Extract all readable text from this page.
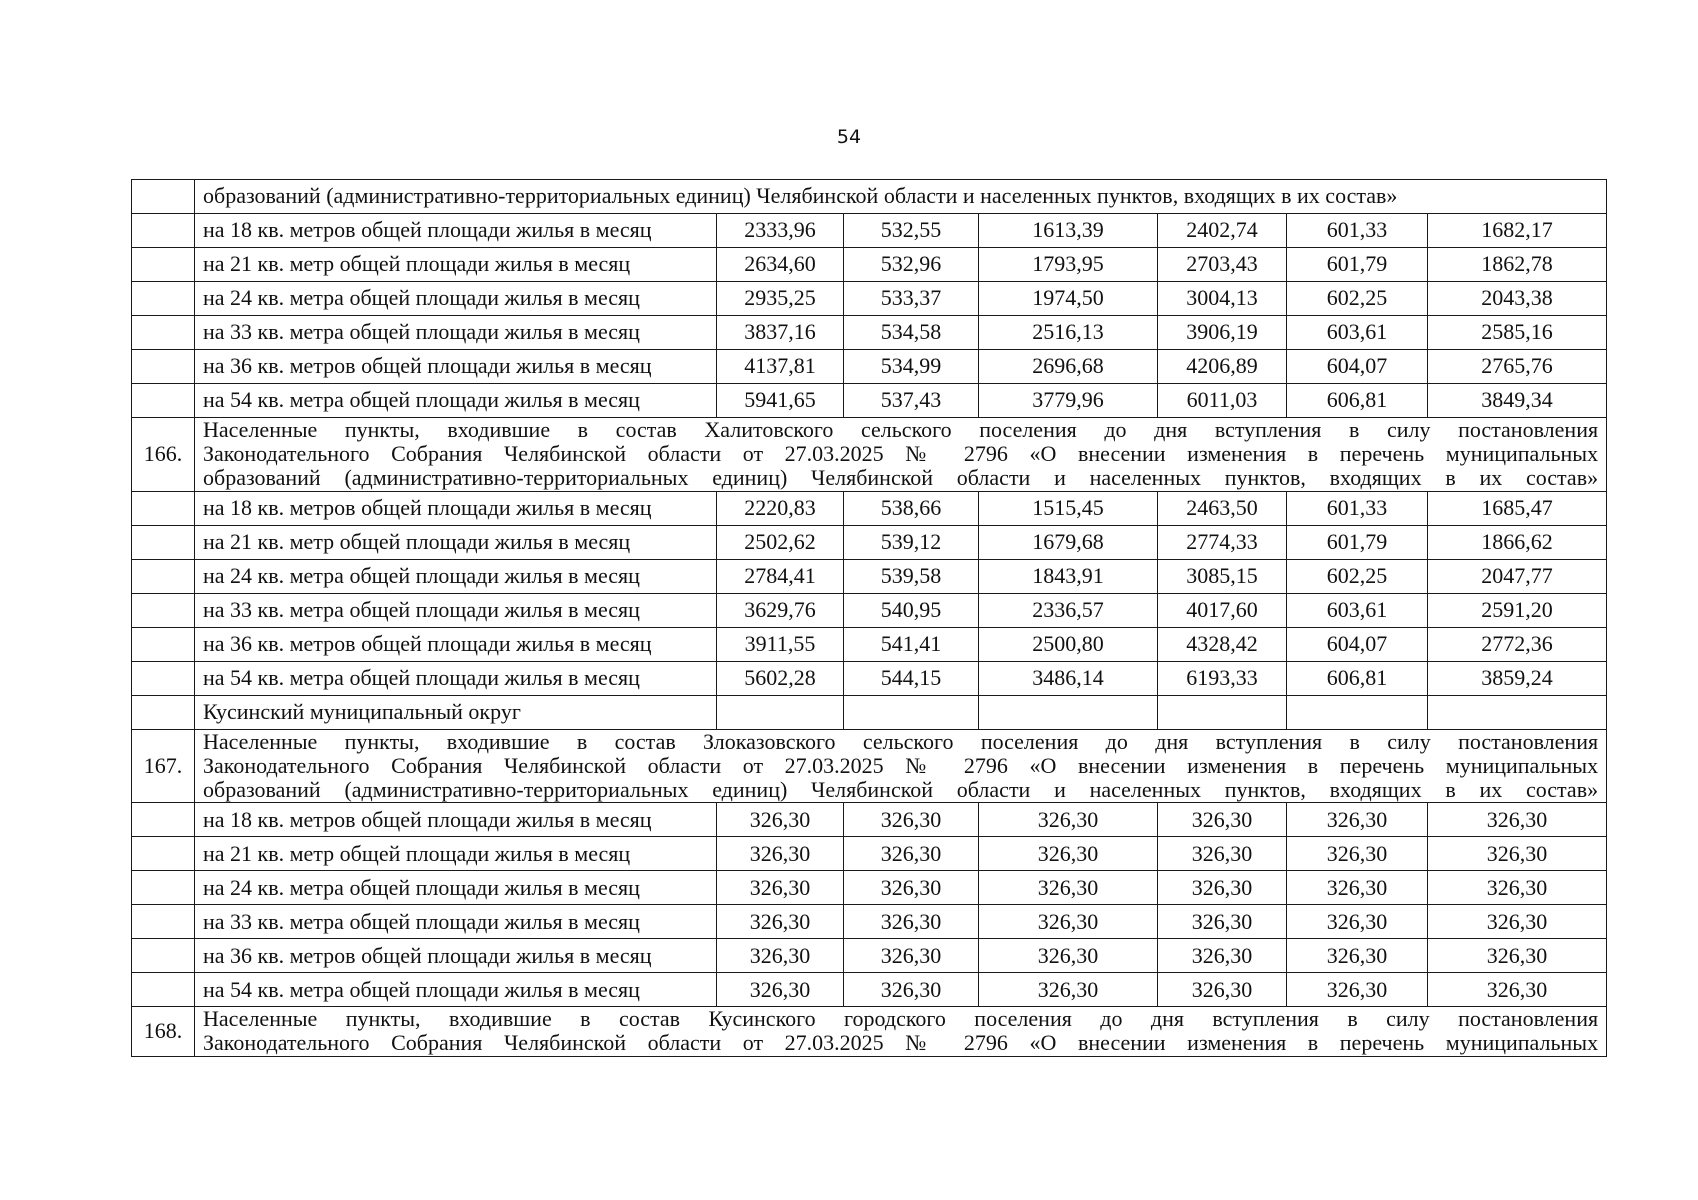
54
	образований (административно-территориальных единиц) Челябинской области и населенных пунктов, входящих в их состав»						
	на 18 кв. метров общей площади жилья в месяц	2333,96	532,55	1613,39	2402,74	601,33	1682,17
	на 21 кв. метр общей площади жилья в месяц	2634,60	532,96	1793,95	2703,43	601,79	1862,78
	на 24 кв. метра общей площади жилья в месяц	2935,25	533,37	1974,50	3004,13	602,25	2043,38
	на 33 кв. метра общей площади жилья в месяц	3837,16	534,58	2516,13	3906,19	603,61	2585,16
	на 36 кв. метров общей площади жилья в месяц	4137,81	534,99	2696,68	4206,89	604,07	2765,76
	на 54 кв. метра общей площади жилья в месяц	5941,65	537,43	3779,96	6011,03	606,81	3849,34
166.	Населенные пункты, входившие в состав Халитовского сельского поселения до дня вступления в силу постановления
Законодательного Собрания Челябинской области от 27.03.2025 № 2796 «О внесении изменения в перечень муниципальных
образований (административно-территориальных единиц) Челябинской области и населенных пунктов, входящих в их состав»						

	на 18 кв. метров общей площади жилья в месяц	2220,83	538,66	1515,45	2463,50	601,33	1685,47
	на 21 кв. метр общей площади жилья в месяц	2502,62	539,12	1679,68	2774,33	601,79	1866,62
	на 24 кв. метра общей площади жилья в месяц	2784,41	539,58	1843,91	3085,15	602,25	2047,77
	на 33 кв. метра общей площади жилья в месяц	3629,76	540,95	2336,57	4017,60	603,61	2591,20
	на 36 кв. метров общей площади жилья в месяц	3911,55	541,41	2500,80	4328,42	604,07	2772,36
	на 54 кв. метра общей площади жилья в месяц	5602,28	544,15	3486,14	6193,33	606,81	3859,24
	Кусинский муниципальный округ						
167.	Населенные пункты, входившие в состав Злоказовского сельского поселения до дня вступления в силу постановления
Законодательного Собрания Челябинской области от 27.03.2025 № 2796 «О внесении изменения в перечень муниципальных
образований (административно-территориальных единиц) Челябинской области и населенных пунктов, входящих в их состав»						

	на 18 кв. метров общей площади жилья в месяц	326,30	326,30	326,30	326,30	326,30	326,30
	на 21 кв. метр общей площади жилья в месяц	326,30	326,30	326,30	326,30	326,30	326,30
	на 24 кв. метра общей площади жилья в месяц	326,30	326,30	326,30	326,30	326,30	326,30
	на 33 кв. метра общей площади жилья в месяц	326,30	326,30	326,30	326,30	326,30	326,30
	на 36 кв. метров общей площади жилья в месяц	326,30	326,30	326,30	326,30	326,30	326,30
	на 54 кв. метра общей площади жилья в месяц	326,30	326,30	326,30	326,30	326,30	326,30
168.	Населенные пункты, входившие в состав Кусинского городского поселения до дня вступления в силу постановления
Законодательного Собрания Челябинской области от 27.03.2025 № 2796 «О внесении изменения в перечень муниципальных						
